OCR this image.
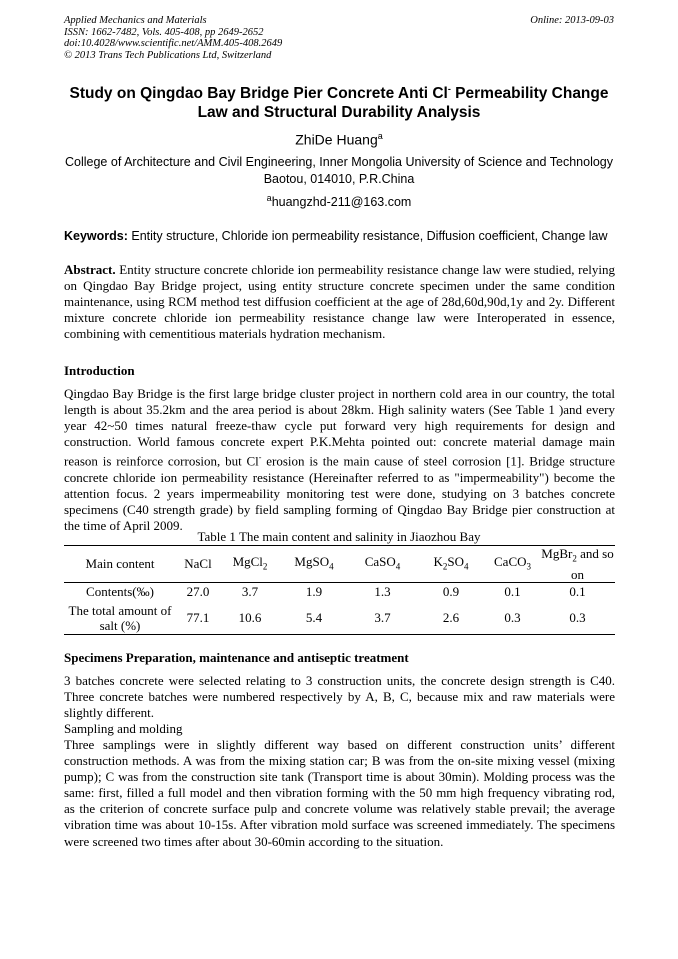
Applied Mechanics and Materials
ISSN: 1662-7482, Vols. 405-408, pp 2649-2652
doi:10.4028/www.scientific.net/AMM.405-408.2649
© 2013 Trans Tech Publications Ltd, Switzerland
Online: 2013-09-03
Study on Qingdao Bay Bridge Pier Concrete Anti Cl- Permeability Change
Law and Structural Durability Analysis
ZhiDe Huang$^a$
College of Architecture and Civil Engineering, Inner Mongolia University of Science and Technology
Baotou, 014010, P.R.China
$^a$huangzhd-211@163.com
Keywords: Entity structure, Chloride ion permeability resistance, Diffusion coefficient, Change law
Abstract. Entity structure concrete chloride ion permeability resistance change law were studied, relying on Qingdao Bay Bridge project, using entity structure concrete specimen under the same condition maintenance, using RCM method test diffusion coefficient at the age of 28d,60d,90d,1y and 2y. Different mixture concrete chloride ion permeability resistance change law were Interoperated in essence, combining with cementitious materials hydration mechanism.
Introduction
Qingdao Bay Bridge is the first large bridge cluster project in northern cold area in our country, the total length is about 35.2km and the area period is about 28km. High salinity waters (See Table 1 )and every year 42~50 times natural freeze-thaw cycle put forward very high requirements for design and construction. World famous concrete expert P.K.Mehta pointed out: concrete material damage main reason is reinforce corrosion, but Cl- erosion is the main cause of steel corrosion [1]. Bridge structure concrete chloride ion permeability resistance (Hereinafter referred to as "impermeability") become the attention focus. 2 years impermeability monitoring test were done, studying on 3 batches concrete specimens (C40 strength grade) by field sampling forming of Qingdao Bay Bridge pier construction at the time of April 2009.
Table 1 The main content and salinity in Jiaozhou Bay
Main content	NaCl	MgCl$_2$	MgSO$_4$	CaSO$_4$	$K_2SO_4$	CaCO$_3$	MgBr$_2$ and so on
Contents(‰)	27.0	3.7	1.9	1.3	0.9	0.1	0.1
The total amount of salt (%)	77.1	10.6	5.4	3.7	2.6	0.3	0.3
Specimens Preparation, maintenance and antiseptic treatment
3 batches concrete were selected relating to 3 construction units, the concrete design strength is C40. Three concrete batches were numbered respectively by A, B, C, because mix and raw materials were slightly different.
Sampling and molding
Three samplings were in slightly different way based on different construction units’ different construction methods. A was from the mixing station car; B was from the on-site mixing vessel (mixing pump); C was from the construction site tank (Transport time is about 30min). Molding process was the same: first, filled a full model and then vibration forming with the 50 mm high frequency vibrating rod, as the criterion of concrete surface pulp and concrete volume was relatively stable prevail; the average vibration time was about 10-15s. After vibration mold surface was screened immediately. The specimens were screened two times after about 30-60min according to the situation.
